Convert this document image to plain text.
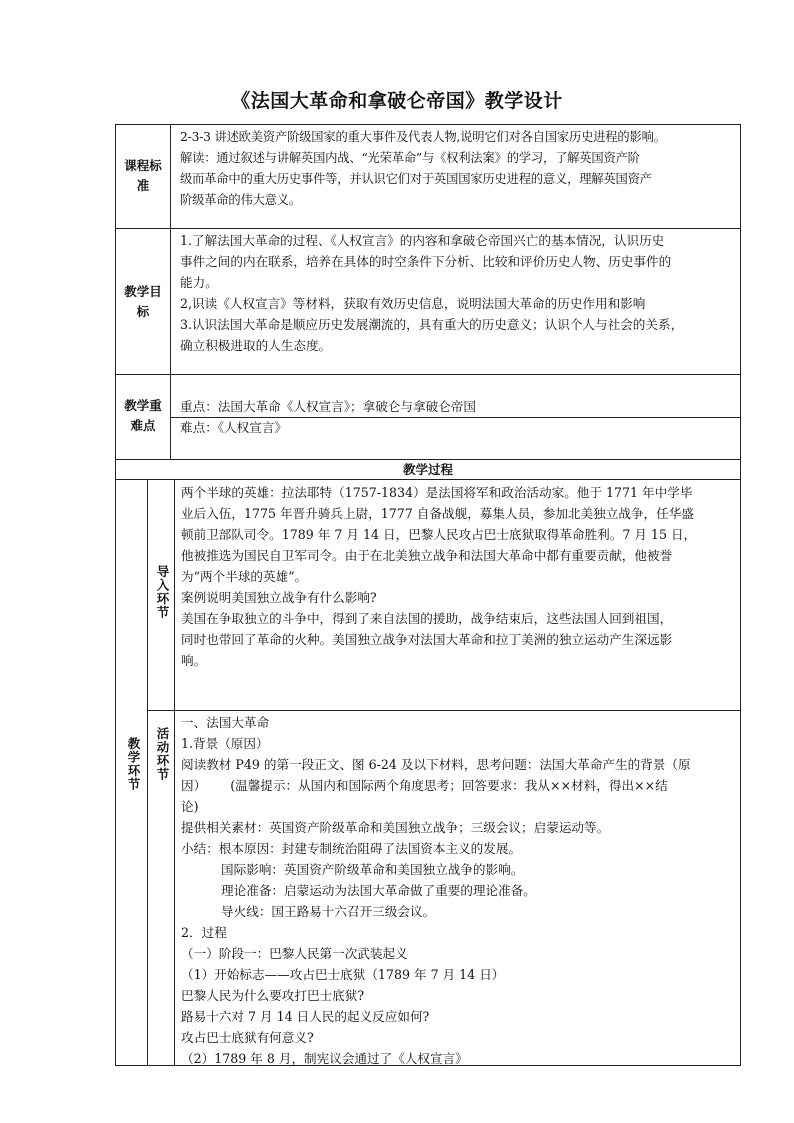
《法国大革命和拿破仑帝国》教学设计
课程标准
2-3-3 讲述欧美资产阶级国家的重大事件及代表人物,说明它们对各自国家历史进程的影响。
解读：通过叙述与讲解英国内战、“光荣革命”与《权利法案》的学习，了解英国资产阶
级而革命中的重大历史事件等，并认识它们对于英国国家历史进程的意义，理解英国资产
阶级革命的伟大意义。
教学目标
1.了解法国大革命的过程、《人权宣言》的内容和拿破仑帝国兴亡的基本情况，认识历史
事件之间的内在联系，培养在具体的时空条件下分析、比较和评价历史人物、历史事件的
能力。
2,识读《人权宣言》等材料，获取有效历史信息，说明法国大革命的历史作用和影响
3.认识法国大革命是顺应历史发展潮流的，具有重大的历史意义；认识个人与社会的关系，
确立积极进取的人生态度。
教学重难点
重点：法国大革命《人权宣言》；拿破仑与拿破仑帝国
难点：《人权宣言》
教学过程
教学环节
导入环节
两个半球的英雄：拉法耶特（1757-1834）是法国将军和政治活动家。他于 1771 年中学毕
业后入伍，1775 年晋升骑兵上尉，1777 自备战舰，募集人员，参加北美独立战争，任华盛
顿前卫部队司令。1789 年 7 月 14 日，巴黎人民攻占巴士底狱取得革命胜利。7 月 15 日，
他被推选为国民自卫军司令。由于在北美独立战争和法国大革命中都有重要贡献，他被誉
为“两个半球的英雄”。
案例说明美国独立战争有什么影响?
美国在争取独立的斗争中，得到了来自法国的援助，战争结束后，这些法国人回到祖国，
同时也带回了革命的火种。美国独立战争对法国大革命和拉丁美洲的独立运动产生深远影
响。
活动环节
一、法国大革命
1.背景（原因）
阅读教材 P49 的第一段正文、图 6-24 及以下材料，思考问题：法国大革命产生的背景（原
因）      (温馨提示：从国内和国际两个角度思考；回答要求：我从××材料，得出××结
论)
提供相关素材：英国资产阶级革命和美国独立战争；三级会议；启蒙运动等。
小结：根本原因：封建专制统治阻碍了法国资本主义的发展。
国际影响：英国资产阶级革命和美国独立战争的影响。
理论准备：启蒙运动为法国大革命做了重要的理论准备。
导火线：国王路易十六召开三级会议。
2．过程
（一）阶段一：巴黎人民第一次武装起义
（1）开始标志——攻占巴士底狱（1789 年 7 月 14 日）
巴黎人民为什么要攻打巴士底狱?
路易十六对 7 月 14 日人民的起义反应如何?
攻占巴士底狱有何意义?
（2）1789 年 8 月，制宪议会通过了《人权宣言》
